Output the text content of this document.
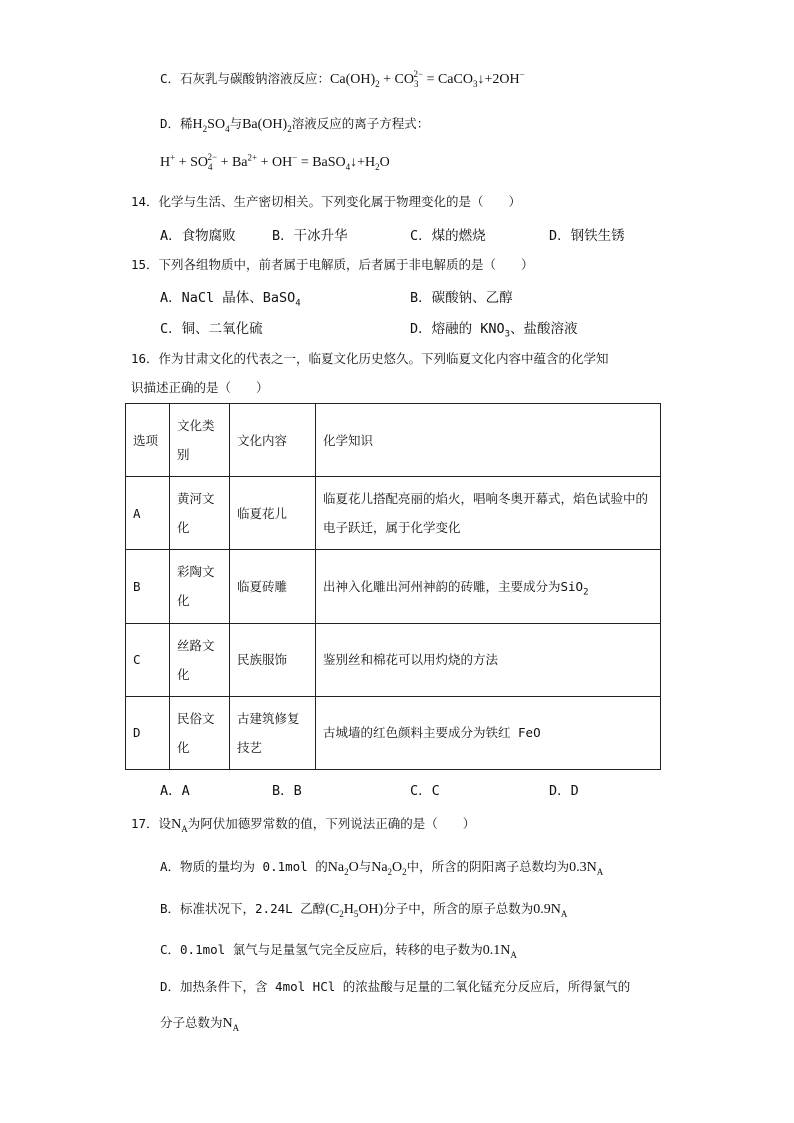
C．石灰乳与碳酸钠溶液反应：$Ca(OH)_2 + CO_3^{2-}$ = CaCO$_3$↓+2OH−
D．稀$H_2SO_4$与$Ba(OH)_2$溶液反应的离子方程式：
$H^+ + SO_4^{2-} + Ba^{2+} + OH^-$ = $BaSO_4↓+H_2O$
14．化学与生活、生产密切相关。下列变化属于物理变化的是（　　）
A．食物腐败	B．干冰升华	C．煤的燃烧	D．钢铁生锈
15．下列各组物质中，前者属于电解质，后者属于非电解质的是（　　）
A．NaCl 晶体、BaSO$_4$	B．碳酸钠、乙醇
C．铜、二氧化硫	D．熔融的 $KNO_3$、盐酸溶液
16．作为甘肃文化的代表之一，临夏文化历史悠久。下列临夏文化内容中蕴含的化学知
识描述正确的是（　　）
选项	文化类别	文化内容	化学知识
A	黄河文化	临夏花儿	临夏花儿搭配亮丽的焰火，唱响冬奥开幕式，焰色试验中的电子跃迁，属于化学变化
B	彩陶文化	临夏砖雕	出神入化雕出河州神韵的砖雕，主要成分为SiO$_2$
C	丝路文化	民族服饰	鉴别丝和棉花可以用灼烧的方法
D	民俗文化	古建筑修复技艺	古城墙的红色颜料主要成分为铁红 FeO
A．A	B．B	C．C	D．D
17．设$N_A$为阿伏加德罗常数的值，下列说法正确的是（　　）
A．物质的量均为 0.1mol 的$Na_2O$与$Na_2O_2$中，所含的阴阳离子总数均为$0.3N_A$
B．标准状况下，2.24L 乙醇$(C_2H_5OH)$分子中，所含的原子总数为$0.9N_A$
C．0.1mol 氯气与足量氢气完全反应后，转移的电子数为$0.1N_A$
D．加热条件下，含 4mol HCl 的浓盐酸与足量的二氧化锰充分反应后，所得氯气的
分子总数为$N_A$
